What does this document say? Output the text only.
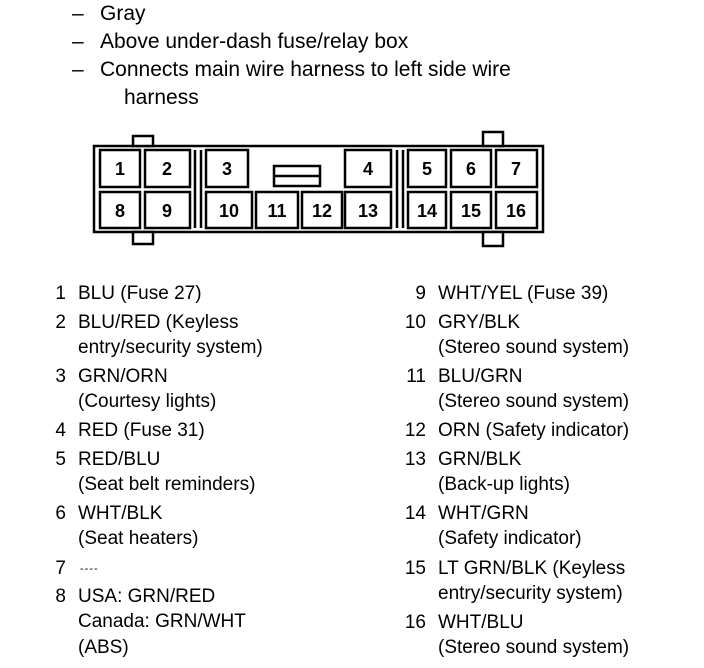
– Gray
– Above under-dash fuse/relay box
– Connects main wire harness to left side wire
harness
1 2	3	4	5 6 7
8 9	10 11 12 13 14 15 16
1 BLU (Fuse 27)
2 BLU/RED (Keyless
entry/security system)
3 GRN/ORN
(Courtesy lights)
4 RED (Fuse 31)
5 RED/BLU
(Seat belt reminders)
6 WHT/BLK
(Seat heaters)
7 ----
8 USA: GRN/RED
Canada: GRN/WHT
(ABS)
9 WHT/YEL (Fuse 39)
10 GRY/BLK
(Stereo sound system)
11 BLU/GRN
(Stereo sound system)
12 ORN (Safety indicator)
13 GRN/BLK
(Back-up lights)
14 WHT/GRN
(Safety indicator)
15 LT GRN/BLK (Keyless
entry/security system)
16 WHT/BLU
(Stereo sound system)
